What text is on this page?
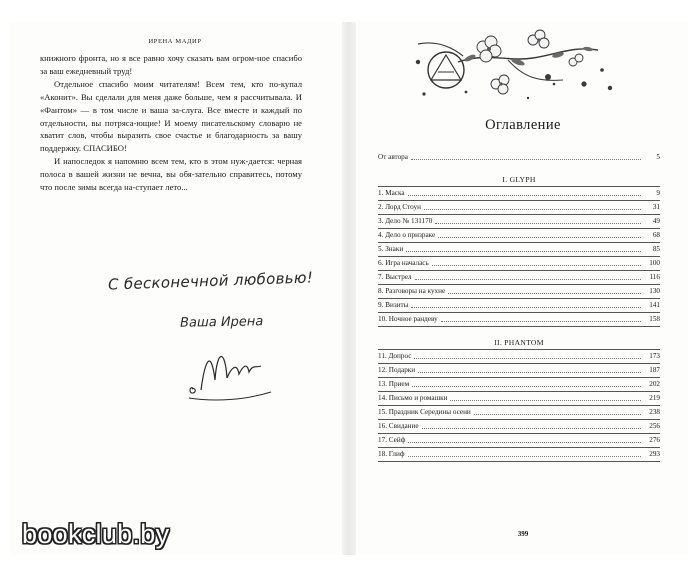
ИРЕНА МАДИР

книжного фронта, но я все равно хочу сказать вам огром-ное спасибо за ваш ежедневный труд!

Отдельное спасибо моим читателям! Всем тем, кто по-купал «Аконит». Вы сделали для меня даже больше, чем я рассчитывала. И «Фантом» — в том числе и ваша за-слуга. Все вместе и каждый по отдельности, вы потряса-ющие! И моему писательскому словарю не хватит слов, чтобы выразить свое счастье и благодарность за вашу поддержку. СПАСИБО!

И напоследок я напомню всем тем, кто в этом нуж-дается: черная полоса в вашей жизни не вечна, вы обя-зательно справитесь, потому что после зимы всегда на-ступает лето...

С бесконечной любовью!
Ваша Ирена
Оглавление
От автора	5
I. GLYPH
1. Маска	9
2. Лорд Стоун	31
3. Дело № 131170	49
4. Дело о призраке	68
5. Знаки	85
6. Игра началась	100
7. Выстрел	116
8. Разговоры на кухне	130
9. Визиты	141
10. Ночное рандеву	158
II. PHANTOM
11. Допрос	173
12. Подарки	187
13. Прием	202
14. Письмо и ромашки	219
15. Праздник Середины осени	238
16. Свидание	256
17. Сейф	276
18. Глиф	293
399
bookclub.by
